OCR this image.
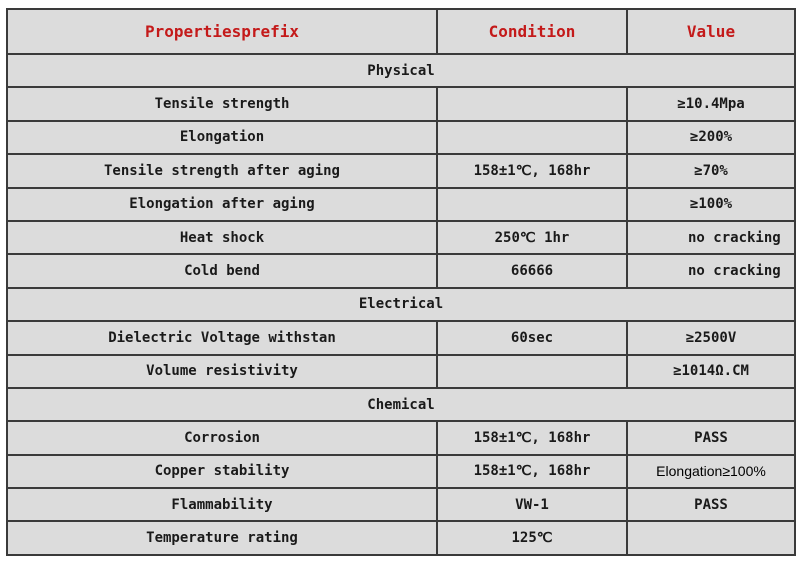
Propertiesprefix	Condition	Value
Physical		
Tensile strength		≥10.4Mpa
Elongation		≥200%
Tensile strength after aging	158±1℃, 168hr	≥70%
Elongation after aging		≥100%
Heat shock	250℃ 1hr	no cracking
Cold bend	66666	no cracking
Electrical		
Dielectric Voltage withstan	60sec	≥2500V
Volume resistivity		≥1014Ω.CM
Chemical		
Corrosion	158±1℃, 168hr	PASS
Copper stability	158±1℃, 168hr	Elongation≥100%
Flammability	VW-1	PASS
Temperature rating	125℃	
